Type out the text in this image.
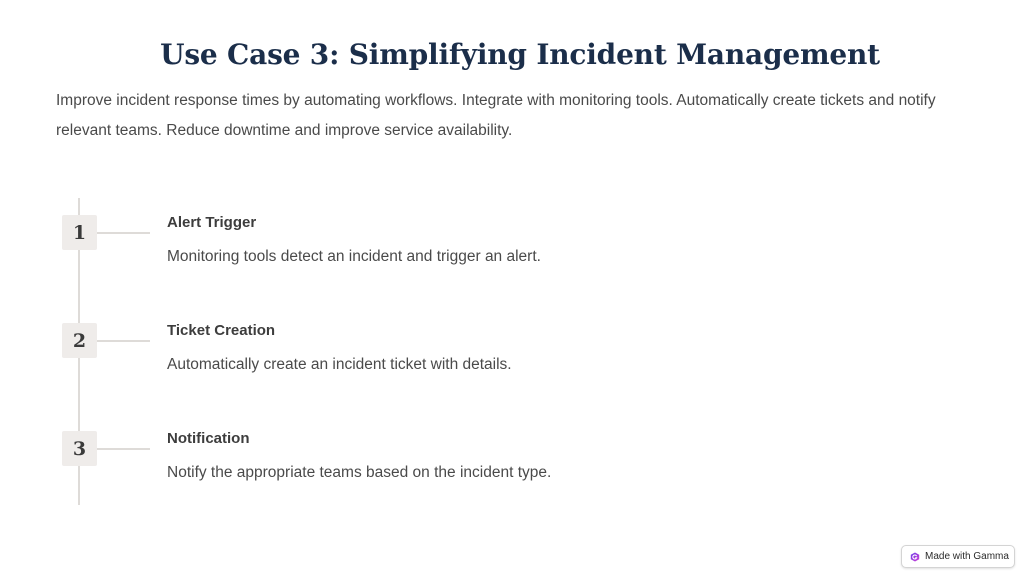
Use Case 3: Simplifying Incident Management

Improve incident response times by automating workflows. Integrate with monitoring tools. Automatically create tickets and notify relevant teams. Reduce downtime and improve service availability.

1	Alert Trigger
Monitoring tools detect an incident and trigger an alert.
2	Ticket Creation
Automatically create an incident ticket with details.
3	Notification
Notify the appropriate teams based on the incident type.
Made with Gamma
